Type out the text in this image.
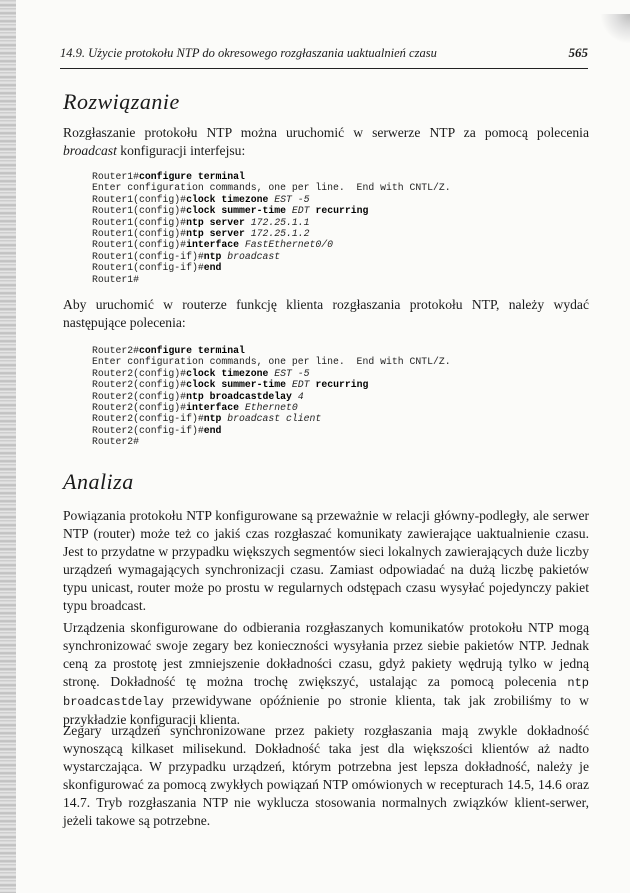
14.9. Użycie protokołu NTP do okresowego rozgłaszania uaktualnień czasu	565
Rozwiązanie

Rozgłaszanie protokołu NTP można uruchomić w serwerze NTP za pomocą polecenia broadcast konfiguracji interfejsu:

Router1#configure terminal
Enter configuration commands, one per line.  End with CNTL/Z.
Router1(config)#clock timezone EST -5
Router1(config)#clock summer-time EDT recurring
Router1(config)#ntp server 172.25.1.1
Router1(config)#ntp server 172.25.1.2
Router1(config)#interface FastEthernet0/0
Router1(config-if)#ntp broadcast
Router1(config-if)#end
Router1#

Aby uruchomić w routerze funkcję klienta rozgłaszania protokołu NTP, należy wydać następujące polecenia:

Router2#configure terminal
Enter configuration commands, one per line.  End with CNTL/Z.
Router2(config)#clock timezone EST -5
Router2(config)#clock summer-time EDT recurring
Router2(config)#ntp broadcastdelay 4
Router2(config)#interface Ethernet0
Router2(config-if)#ntp broadcast client
Router2(config-if)#end
Router2#
Analiza

Powiązania protokołu NTP konfigurowane są przeważnie w relacji główny-podległy, ale serwer NTP (router) może też co jakiś czas rozgłaszać komunikaty zawierające uaktualnienie czasu. Jest to przydatne w przypadku większych segmentów sieci lokalnych zawierających duże liczby urządzeń wymagających synchronizacji czasu. Zamiast odpowiadać na dużą liczbę pakietów typu unicast, router może po prostu w regularnych odstępach czasu wysyłać pojedynczy pakiet typu broadcast.

Urządzenia skonfigurowane do odbierania rozgłaszanych komunikatów protokołu NTP mogą synchronizować swoje zegary bez konieczności wysyłania przez siebie pakietów NTP. Jednak ceną za prostotę jest zmniejszenie dokładności czasu, gdyż pakiety wędrują tylko w jedną stronę. Dokładność tę można trochę zwiększyć, ustalając za pomocą polecenia ntp broadcastdelay przewidywane opóźnienie po stronie klienta, tak jak zrobiliśmy to w przykładzie konfiguracji klienta.

Zegary urządzeń synchronizowane przez pakiety rozgłaszania mają zwykle dokładność wynoszącą kilkaset milisekund. Dokładność taka jest dla większości klientów aż nadto wystarczająca. W przypadku urządzeń, którym potrzebna jest lepsza dokładność, należy je skonfigurować za pomocą zwykłych powiązań NTP omówionych w recepturach 14.5, 14.6 oraz 14.7. Tryb rozgłaszania NTP nie wyklucza stosowania normalnych związków klient-serwer, jeżeli takowe są potrzebne.
